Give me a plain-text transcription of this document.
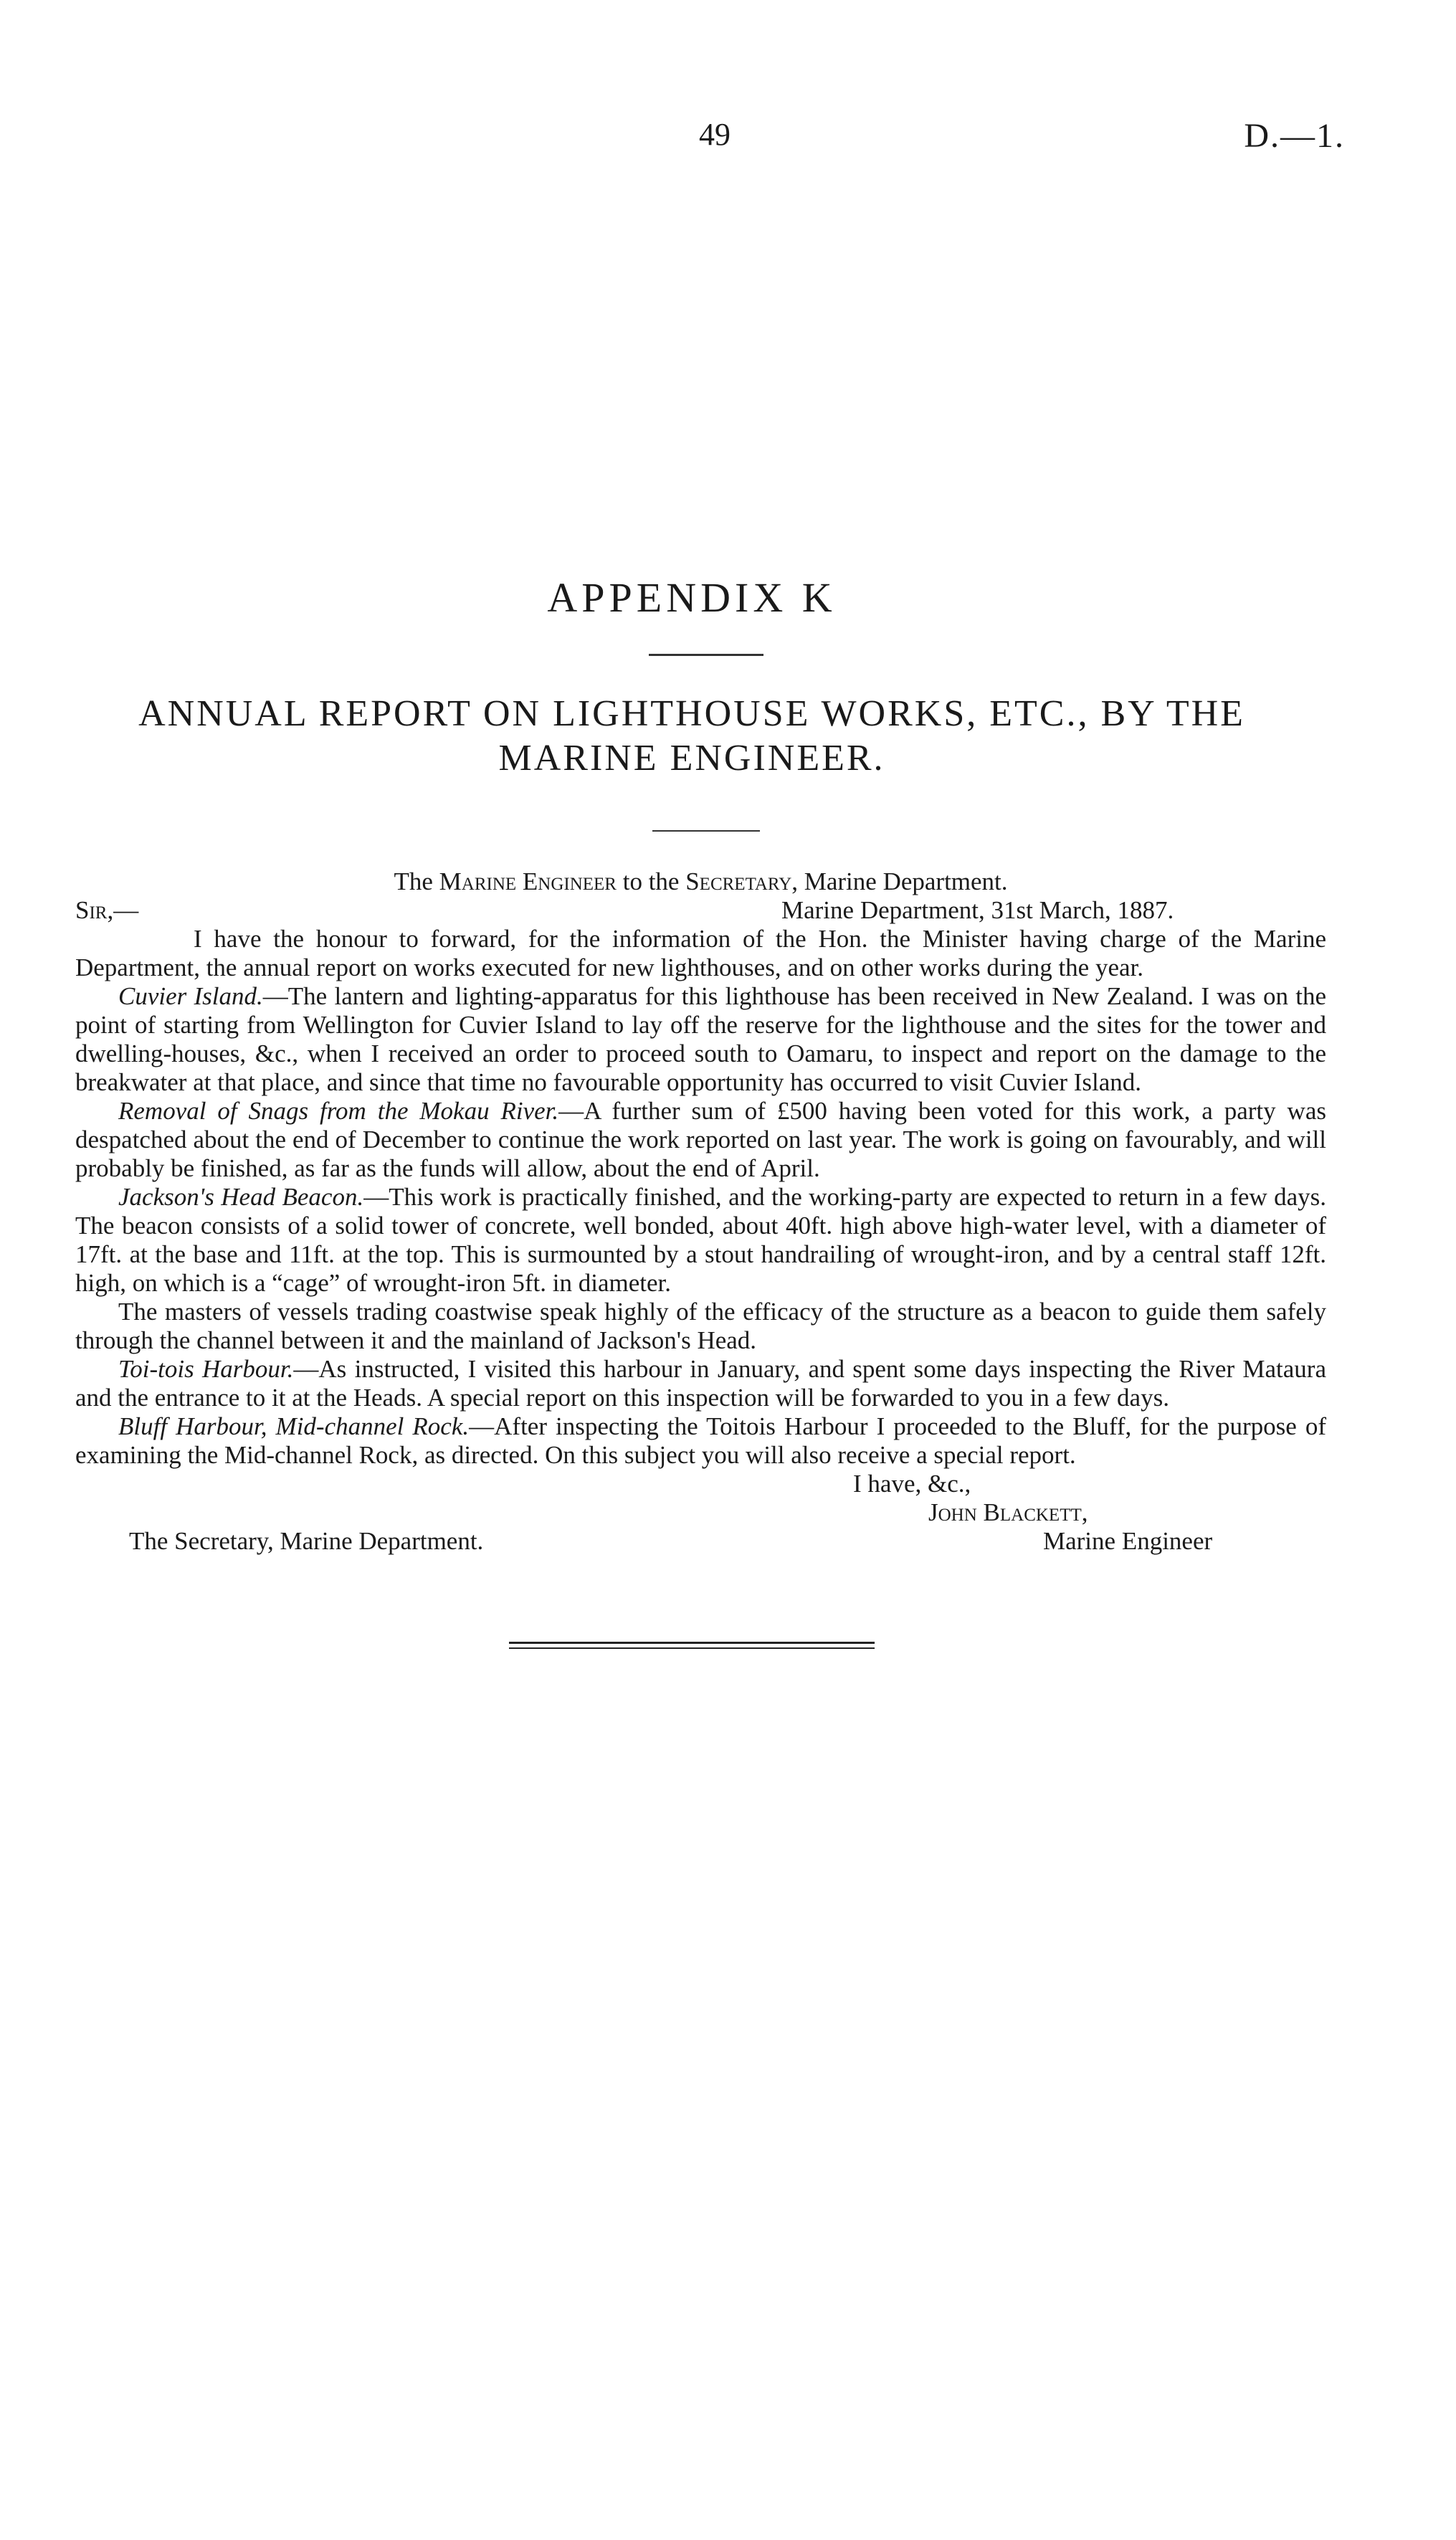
49	D.—1.
APPENDIX K
ANNUAL REPORT ON LIGHTHOUSE WORKS, ETC., BY THE
MARINE ENGINEER.
The Marine Engineer to the Secretary, Marine Department.
Sir,—	Marine Department, 31st March, 1887.
I have the honour to forward, for the information of the Hon. the Minister having charge of the Marine Department, the annual report on works executed for new lighthouses, and on other works during the year.
Cuvier Island.—The lantern and lighting-apparatus for this lighthouse has been received in New Zealand. I was on the point of starting from Wellington for Cuvier Island to lay off the reserve for the lighthouse and the sites for the tower and dwelling-houses, &c., when I received an order to proceed south to Oamaru, to inspect and report on the damage to the breakwater at that place, and since that time no favourable opportunity has occurred to visit Cuvier Island.
Removal of Snags from the Mokau River.—A further sum of £500 having been voted for this work, a party was despatched about the end of December to continue the work reported on last year. The work is going on favourably, and will probably be finished, as far as the funds will allow, about the end of April.
Jackson's Head Beacon.—This work is practically finished, and the working-party are expected to return in a few days. The beacon consists of a solid tower of concrete, well bonded, about 40ft. high above high-water level, with a diameter of 17ft. at the base and 11ft. at the top. This is surmounted by a stout handrailing of wrought-iron, and by a central staff 12ft. high, on which is a “cage” of wrought-iron 5ft. in diameter.
The masters of vessels trading coastwise speak highly of the efficacy of the structure as a beacon to guide them safely through the channel between it and the mainland of Jackson's Head.
Toi-tois Harbour.—As instructed, I visited this harbour in January, and spent some days inspecting the River Mataura and the entrance to it at the Heads. A special report on this inspection will be forwarded to you in a few days.
Bluff Harbour, Mid-channel Rock.—After inspecting the Toitois Harbour I proceeded to the Bluff, for the purpose of examining the Mid-channel Rock, as directed. On this subject you will also receive a special report.
I have, &c.,
John Blackett,
The Secretary, Marine Department.	Marine Engineer
